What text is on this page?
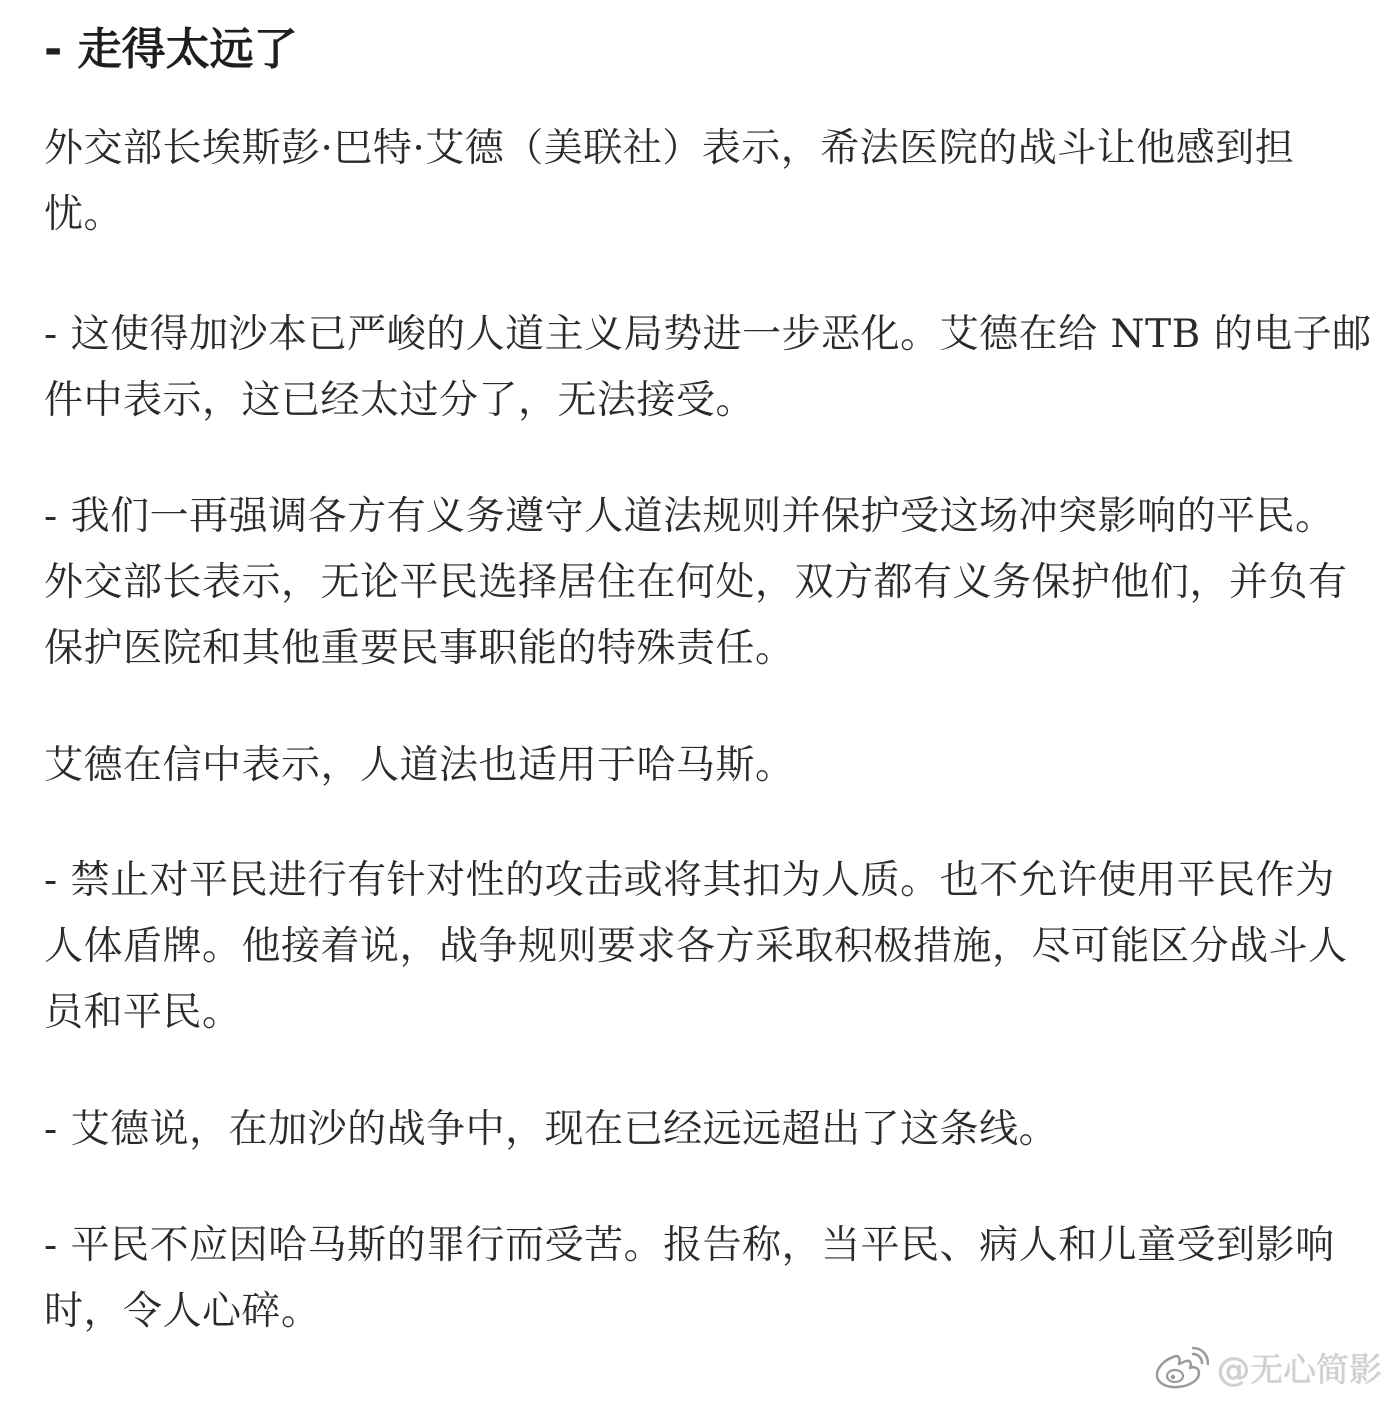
- 走得太远了

外交部长埃斯彭·巴特·艾德（美联社）表示，希法医院的战斗让他感到担忧。

- 这使得加沙本已严峻的人道主义局势进一步恶化。艾德在给 NTB 的电子邮件中表示，这已经太过分了，无法接受。

- 我们一再强调各方有义务遵守人道法规则并保护受这场冲突影响的平民。外交部长表示，无论平民选择居住在何处，双方都有义务保护他们，并负有保护医院和其他重要民事职能的特殊责任。

艾德在信中表示，人道法也适用于哈马斯。

- 禁止对平民进行有针对性的攻击或将其扣为人质。也不允许使用平民作为人体盾牌。他接着说，战争规则要求各方采取积极措施，尽可能区分战斗人员和平民。

- 艾德说，在加沙的战争中，现在已经远远超出了这条线。

- 平民不应因哈马斯的罪行而受苦。报告称，当平民、病人和儿童受到影响时，令人心碎。

@无心简影
